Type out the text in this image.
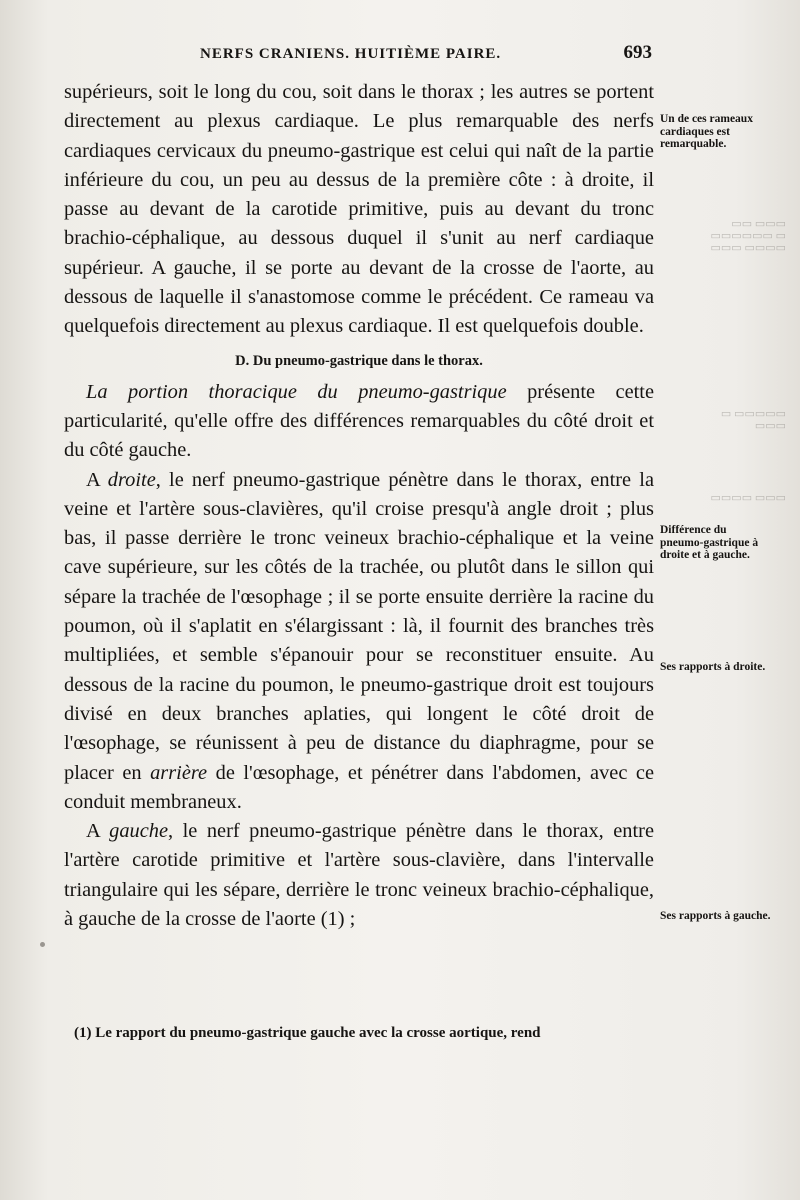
NERFS CRANIENS. HUITIÈME PAIRE.	693

supérieurs, soit le long du cou, soit dans le thorax ; les autres se portent directement au plexus cardiaque. Le plus remarquable des nerfs cardiaques cervicaux du pneumo-gastrique est celui qui naît de la partie inférieure du cou, un peu au dessus de la première côte : à droite, il passe au devant de la carotide primitive, puis au devant du tronc brachio-céphalique, au dessous duquel il s'unit au nerf cardiaque supérieur. A gauche, il se porte au devant de la crosse de l'aorte, au dessous de laquelle il s'anastomose comme le précédent. Ce rameau va quelquefois directement au plexus cardiaque. Il est quelquefois double.

D. Du pneumo-gastrique dans le thorax.

La portion thoracique du pneumo-gastrique présente cette particularité, qu'elle offre des différences remarquables du côté droit et du côté gauche.

A droite, le nerf pneumo-gastrique pénètre dans le thorax, entre la veine et l'artère sous-clavières, qu'il croise presqu'à angle droit ; plus bas, il passe derrière le tronc veineux brachio-céphalique et la veine cave supérieure, sur les côtés de la trachée, ou plutôt dans le sillon qui sépare la trachée de l'œsophage ; il se porte ensuite derrière la racine du poumon, où il s'aplatit en s'élargissant : là, il fournit des branches très multipliées, et semble s'épanouir pour se reconstituer ensuite. Au dessous de la racine du poumon, le pneumo-gastrique droit est toujours divisé en deux branches aplaties, qui longent le côté droit de l'œsophage, se réunissent à peu de distance du diaphragme, pour se placer en arrière de l'œsophage, et pénétrer dans l'abdomen, avec ce conduit membraneux.

A gauche, le nerf pneumo-gastrique pénètre dans le thorax, entre l'artère carotide primitive et l'artère sous-clavière, dans l'intervalle triangulaire qui les sépare, derrière le tronc veineux brachio-céphalique, à gauche de la crosse de l'aorte (1) ;

(1) Le rapport du pneumo-gastrique gauche avec la crosse aortique, rend
Un de ces rameaux cardiaques est remarquable.
Différence du pneumo-gastrique à droite et à gauche.
Ses rapports à droite.
Ses rapports à gauche.
▭▭▭ ▭▭
▭ ▭▭▭▭▭▭
▭▭▭▭ ▭▭▭
▭▭▭▭▭ ▭
▭▭▭
▭▭▭ ▭▭▭▭
